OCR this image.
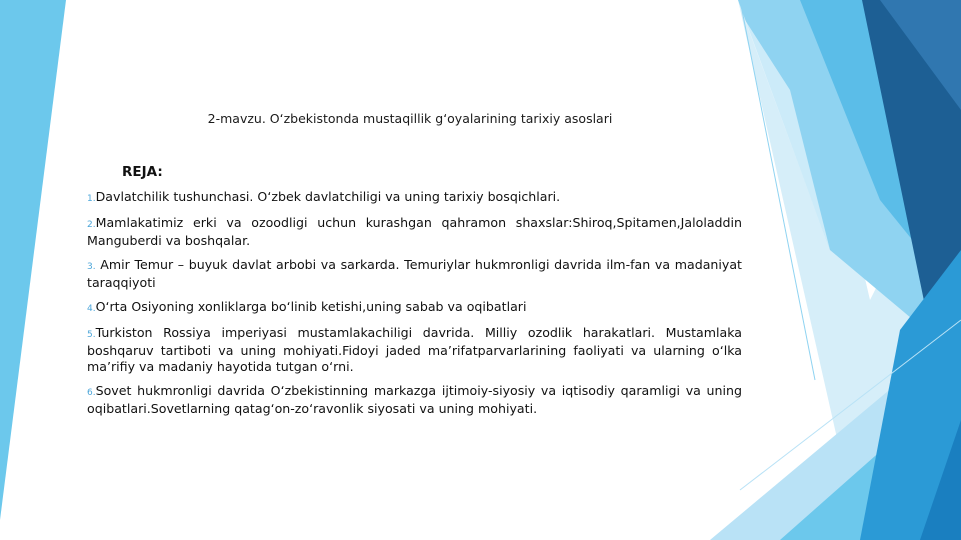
2-mavzu. O‘zbekistonda mustaqillik g‘oyalarining tarixiy asoslari
REJA:
1.Davlatchilik tushunchasi. O‘zbek davlatchiligi va uning tarixiy bosqichlari.
2.Mamlakatimiz erki va ozoodligi uchun kurashgan qahramon shaxslar:Shiroq,Spitamen,Jaloladdin Manguberdi va boshqalar.
3. Amir Temur – buyuk davlat arbobi va sarkarda. Temuriylar hukmronligi davrida ilm-fan va madaniyat taraqqiyoti
4.O‘rta Osiyoning xonliklarga bo‘linib ketishi,uning sabab va oqibatlari
5.Turkiston Rossiya imperiyasi mustamlakachiligi davrida. Milliy ozodlik harakatlari. Mustamlaka boshqaruv tartiboti va uning mohiyati.Fidoyi jaded ma’rifatparvarlarining faoliyati va ularning o‘lka ma’rifiy va madaniy hayotida tutgan o‘rni.
6.Sovet hukmronligi davrida O‘zbekistinning markazga ijtimoiy-siyosiy va iqtisodiy qaramligi va uning oqibatlari.Sovetlarning qatag‘on-zo‘ravonlik siyosati va uning mohiyati.
